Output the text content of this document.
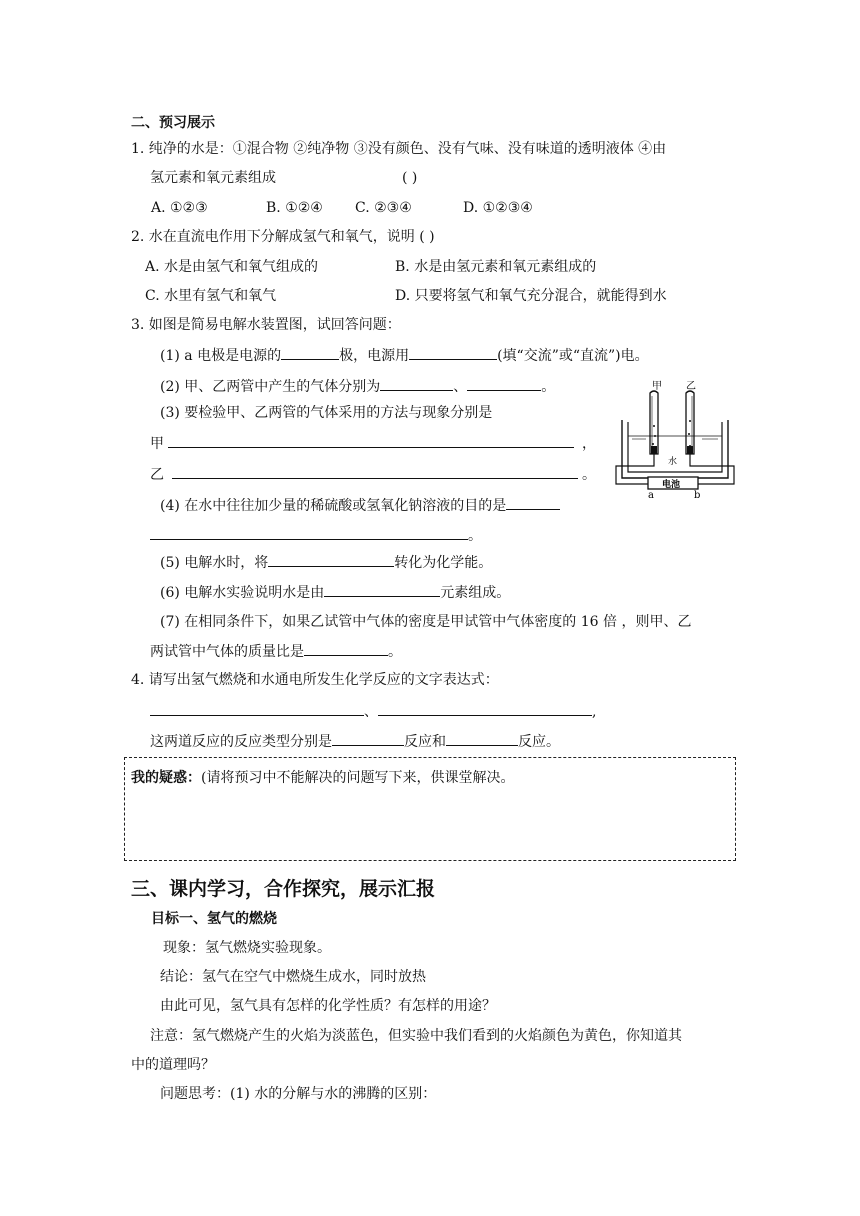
二、预习展示
1. 纯净的水是：①混合物 ②纯净物 ③没有颜色、没有气味、没有味道的透明液体 ④由
氢元素和氧元素组成	( )
A. ①②③	B. ①②④ C. ②③④	D. ①②③④
2. 水在直流电作用下分解成氢气和氧气，说明 ( )
A. 水是由氢气和氧气组成的	B. 水是由氢元素和氧元素组成的
C. 水里有氢气和氧气	D. 只要将氢气和氧气充分混合，就能得到水
3. 如图是简易电解水装置图，试回答问题：
(1) a 电极是电源的	极，电源用	(填“交流”或“直流”)电。
(2) 甲、乙两管中产生的气体分别为	、	。
(3) 要检验甲、乙两管的气体采用的方法与现象分别是
甲	，
乙	。
(4) 在水中往往加少量的稀硫酸或氢氧化钠溶液的目的是
。
(5) 电解水时，将	转化为化学能。
(6) 电解水实验说明水是由	元素组成。
(7) 在相同条件下，如果乙试管中气体的密度是甲试管中气体密度的 16 倍 ，则甲、乙
两试管中气体的质量比是	。
甲 乙
水
电池
a	b
4. 请写出氢气燃烧和水通电所发生化学反应的文字表达式：
、	,
这两道反应的反应类型分别是	反应和	反应。
我的疑惑：(请将预习中不能解决的问题写下来，供课堂解决。
三、课内学习，合作探究，展示汇报
目标一、氢气的燃烧
现象：氢气燃烧实验现象。
结论：氢气在空气中燃烧生成水，同时放热
由此可见，氢气具有怎样的化学性质？有怎样的用途？
注意：氢气燃烧产生的火焰为淡蓝色，但实验中我们看到的火焰颜色为黄色，你知道其
中的道理吗？
问题思考：(1) 水的分解与水的沸腾的区别：
